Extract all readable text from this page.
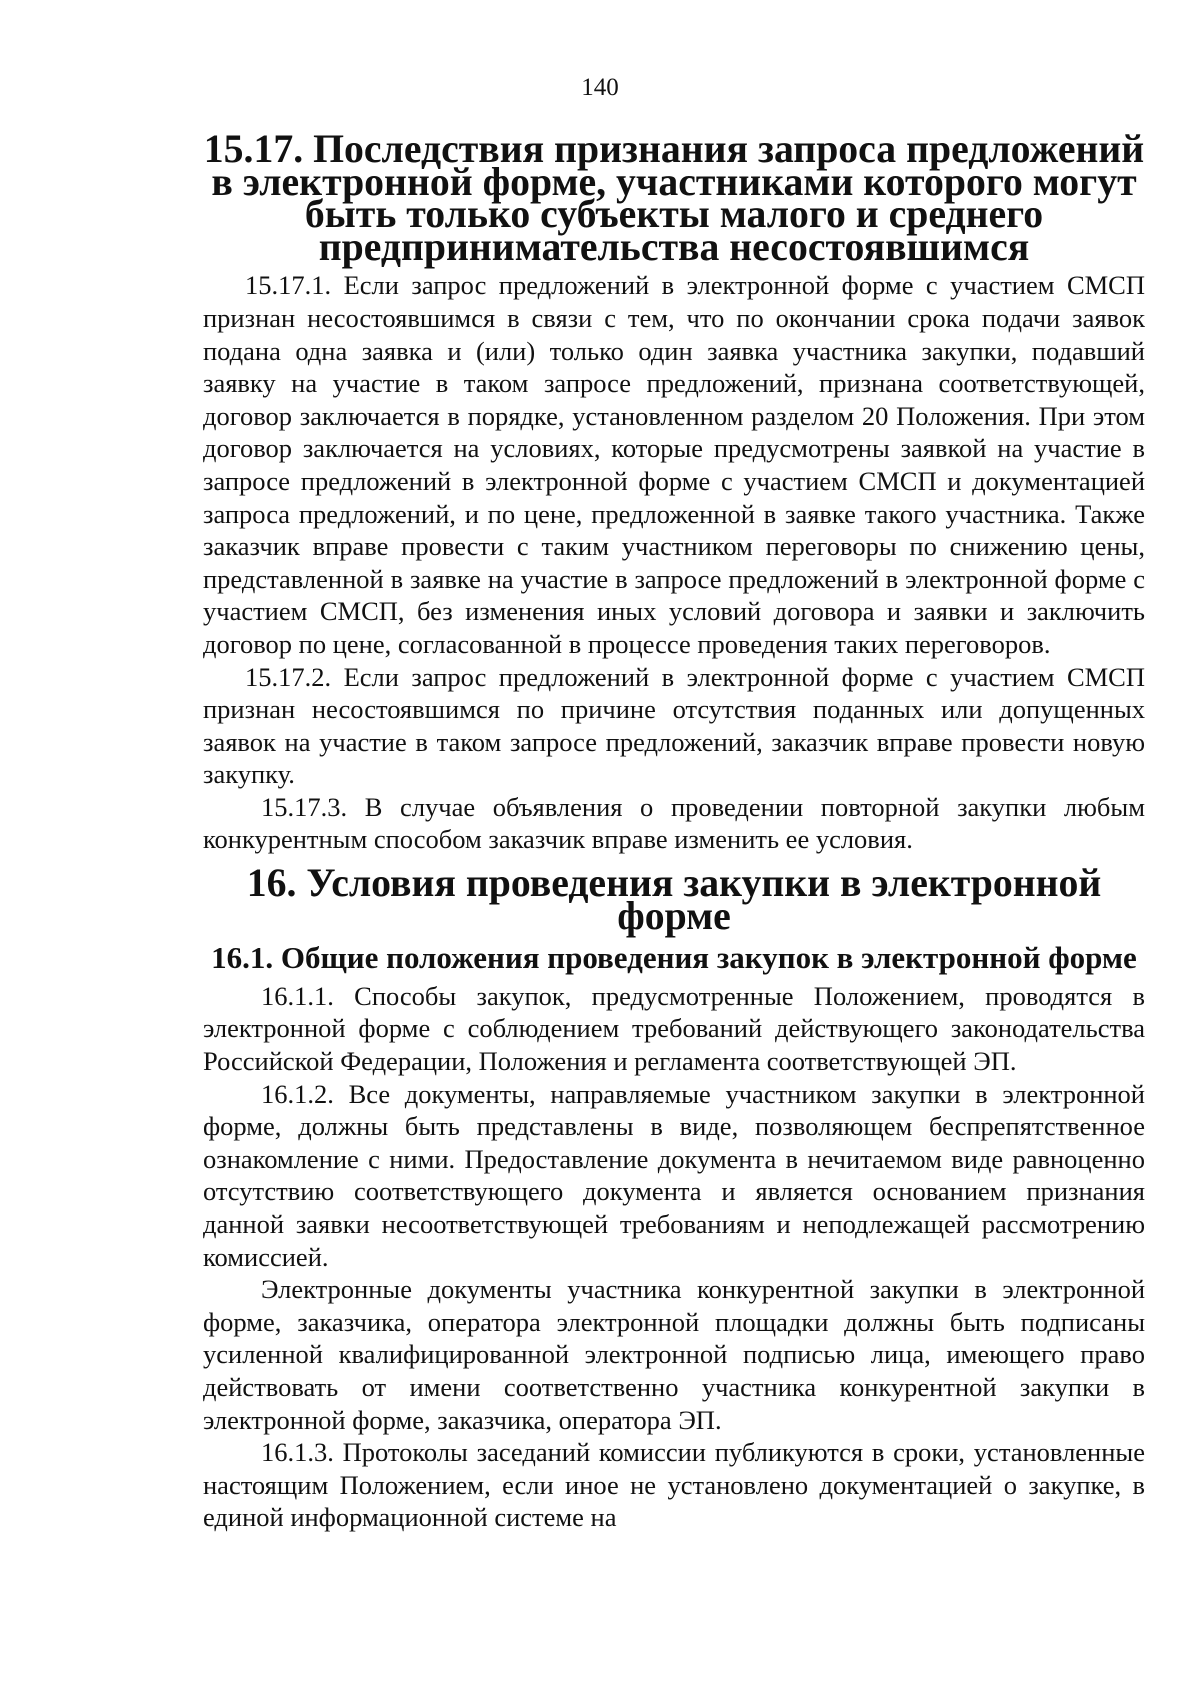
140
15.17. Последствия признания запроса предложений в электронной форме, участниками которого могут быть только субъекты малого и среднего предпринимательства несостоявшимся

15.17.1. Если запрос предложений в электронной форме с участием СМСП признан несостоявшимся в связи с тем, что по окончании срока подачи заявок подана одна заявка и (или) только один заявка участника закупки, подавший заявку на участие в таком запросе предложений, признана соответствующей, договор заключается в порядке, установленном разделом 20 Положения. При этом договор заключается на условиях, которые предусмотрены заявкой на участие в запросе предложений в электронной форме с участием СМСП и документацией запроса предложений, и по цене, предложенной в заявке такого участника. Также заказчик вправе провести с таким участником переговоры по снижению цены, представленной в заявке на участие в запросе предложений в электронной форме с участием СМСП, без изменения иных условий договора и заявки и заключить договор по цене, согласованной в процессе проведения таких переговоров.

15.17.2. Если запрос предложений в электронной форме с участием СМСП признан несостоявшимся по причине отсутствия поданных или допущенных заявок на участие в таком запросе предложений, заказчик вправе провести новую закупку.

15.17.3. В случае объявления о проведении повторной закупки любым конкурентным способом заказчик вправе изменить ее условия.

16. Условия проведения закупки в электронной форме
16.1. Общие положения проведения закупок в электронной форме

16.1.1. Способы закупок, предусмотренные Положением, проводятся в электронной форме с соблюдением требований действующего законодательства Российской Федерации, Положения и регламента соответствующей ЭП.

16.1.2. Все документы, направляемые участником закупки в электронной форме, должны быть представлены в виде, позволяющем беспрепятственное ознакомление с ними. Предоставление документа в нечитаемом виде равноценно отсутствию соответствующего документа и является основанием признания данной заявки несоответствующей требованиям и неподлежащей рассмотрению комиссией.

Электронные документы участника конкурентной закупки в электронной форме, заказчика, оператора электронной площадки должны быть подписаны усиленной квалифицированной электронной подписью лица, имеющего право действовать от имени соответственно участника конкурентной закупки в электронной форме, заказчика, оператора ЭП.

16.1.3. Протоколы заседаний комиссии публикуются в сроки, установленные настоящим Положением, если иное не установлено документацией о закупке, в единой информационной системе на
